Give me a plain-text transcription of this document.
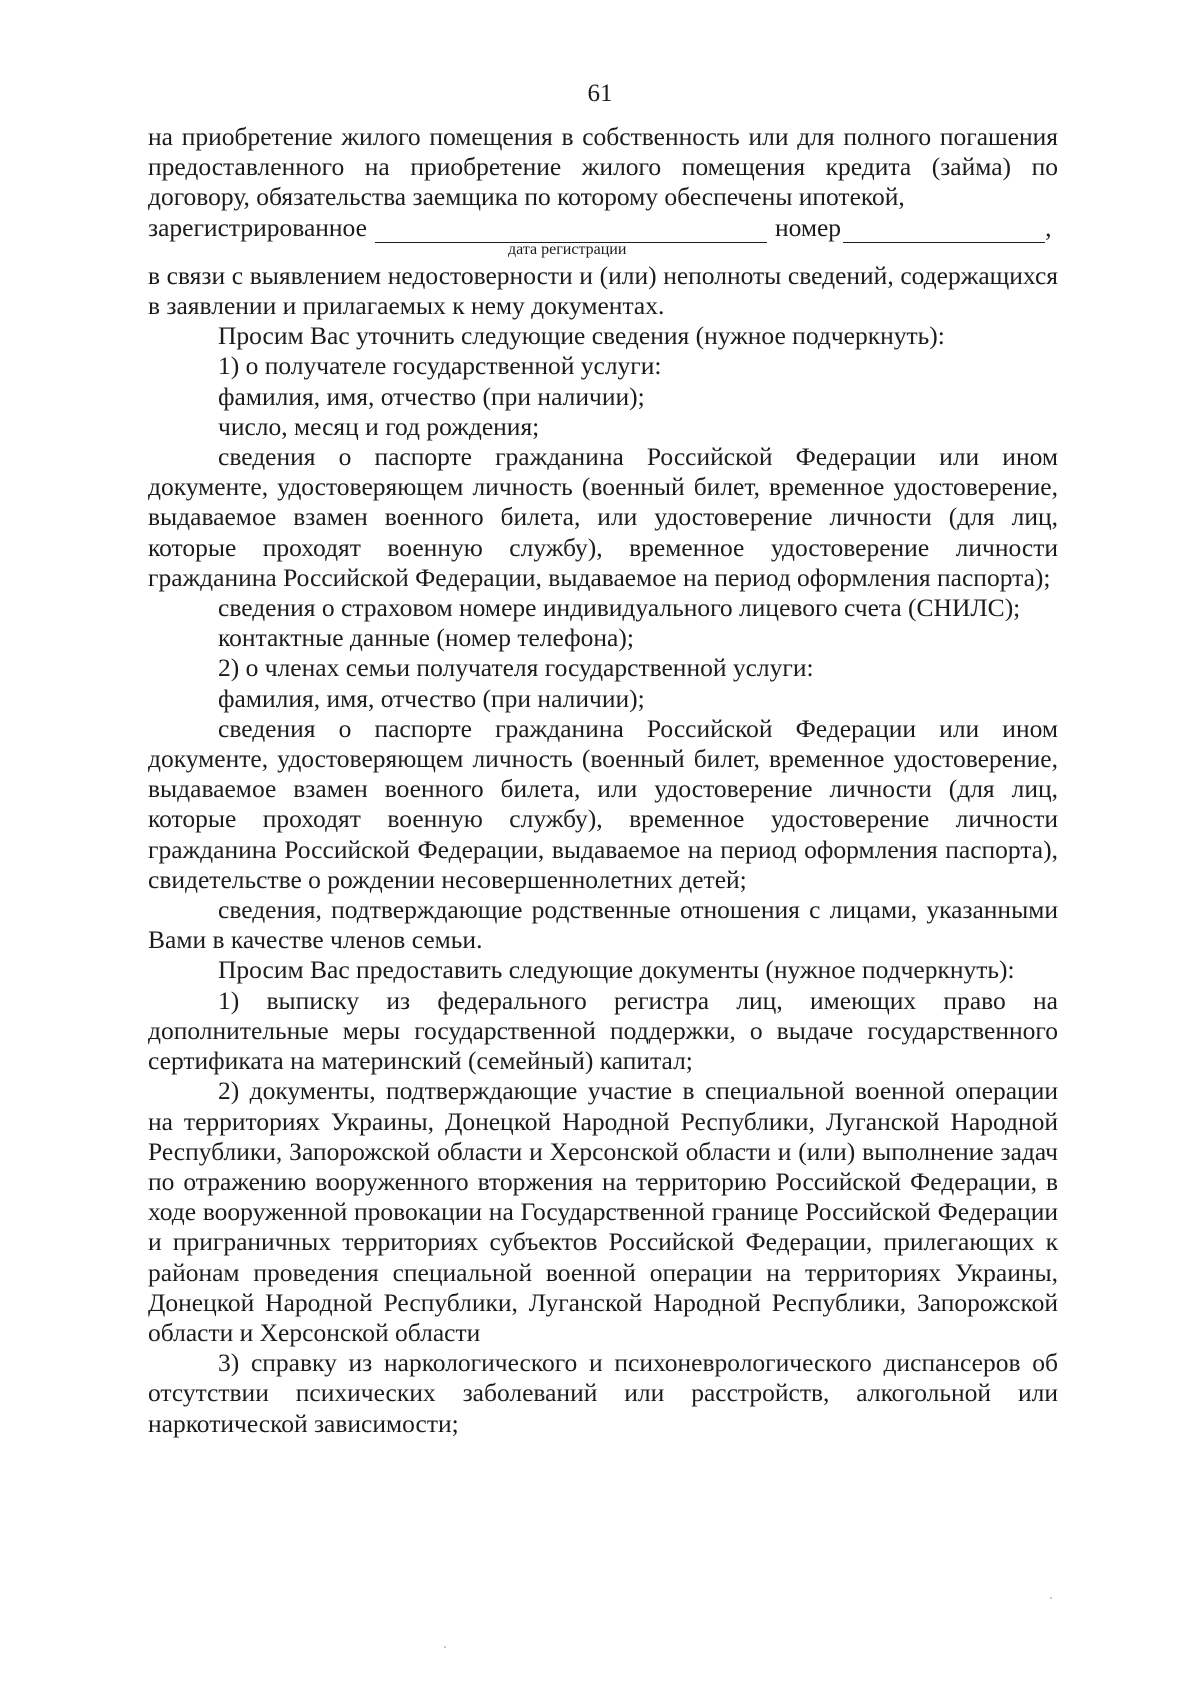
61

на приобретение жилого помещения в собственность или для полного погашения предоставленного на приобретение жилого помещения кредита (займа) по договору, обязательства заемщика по которому обеспечены ипотекой,

зарегистрированное	номер	,
дата регистрации

в связи с выявлением недостоверности и (или) неполноты сведений, содержащихся в заявлении и прилагаемых к нему документах.

Просим Вас уточнить следующие сведения (нужное подчеркнуть):

1) о получателе государственной услуги:

фамилия, имя, отчество (при наличии);

число, месяц и год рождения;

сведения о паспорте гражданина Российской Федерации или ином документе, удостоверяющем личность (военный билет, временное удостоверение, выдаваемое взамен военного билета, или удостоверение личности (для лиц, которые проходят военную службу), временное удостоверение личности гражданина Российской Федерации, выдаваемое на период оформления паспорта);

сведения о страховом номере индивидуального лицевого счета (СНИЛС);

контактные данные (номер телефона);

2) о членах семьи получателя государственной услуги:

фамилия, имя, отчество (при наличии);

сведения о паспорте гражданина Российской Федерации или ином документе, удостоверяющем личность (военный билет, временное удостоверение, выдаваемое взамен военного билета, или удостоверение личности (для лиц, которые проходят военную службу), временное удостоверение личности гражданина Российской Федерации, выдаваемое на период оформления паспорта), свидетельстве о рождении несовершеннолетних детей;

сведения, подтверждающие родственные отношения с лицами, указанными Вами в качестве членов семьи.

Просим Вас предоставить следующие документы (нужное подчеркнуть):

1) выписку из федерального регистра лиц, имеющих право на дополнительные меры государственной поддержки, о выдаче государственного сертификата на материнский (семейный) капитал;

2) документы, подтверждающие участие в специальной военной операции на территориях Украины, Донецкой Народной Республики, Луганской Народной Республики, Запорожской области и Херсонской области и (или) выполнение задач по отражению вооруженного вторжения на территорию Российской Федерации, в ходе вооруженной провокации на Государственной границе Российской Федерации и приграничных территориях субъектов Российской Федерации, прилегающих к районам проведения специальной военной операции на территориях Украины, Донецкой Народной Республики, Луганской Народной Республики, Запорожской области и Херсонской области

3) справку из наркологического и психоневрологического диспансеров об отсутствии психических заболеваний или расстройств, алкогольной или наркотической зависимости;
